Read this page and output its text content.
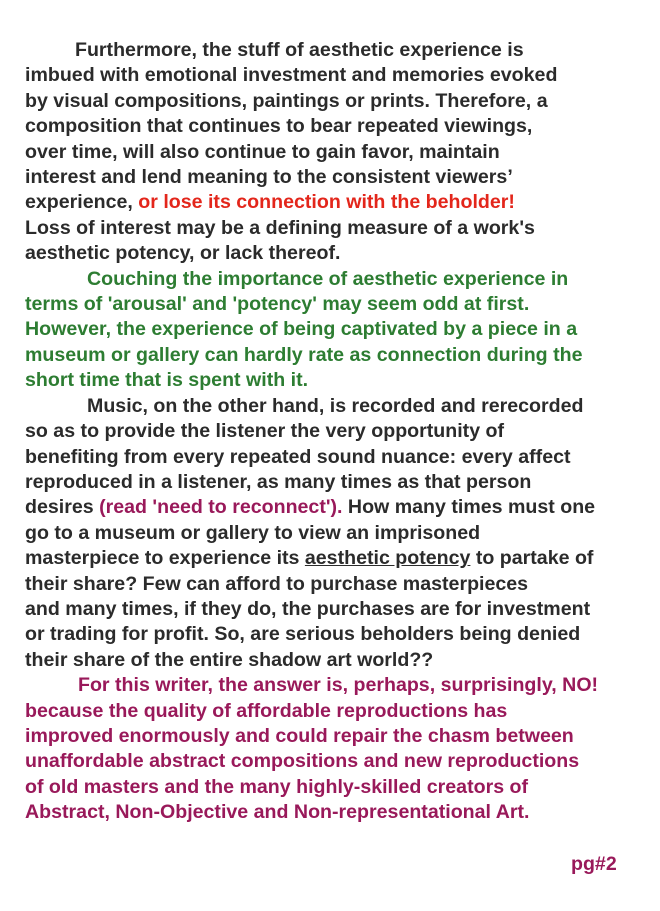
Furthermore, the stuff of aesthetic experience is
imbued with emotional investment and memories evoked
by visual compositions, paintings or prints. Therefore, a
composition that continues to bear repeated viewings,
over time, will also continue to gain favor, maintain
interest and lend meaning to the consistent viewers’
experience, or lose its connection with the beholder!
Loss of interest may be a defining measure of a work's
aesthetic potency, or lack thereof.

Couching the importance of aesthetic experience in
terms of 'arousal' and 'potency' may seem odd at first.
However, the experience of being captivated by a piece in a
museum or gallery can hardly rate as connection during the
short time that is spent with it.

Music, on the other hand, is recorded and rerecorded
so as to provide the listener the very opportunity of
benefiting from every repeated sound nuance: every affect
reproduced in a listener, as many times as that person
desires (read 'need to reconnect'). How many times must one
go to a museum or gallery to view an imprisoned
masterpiece to experience its aesthetic potency to partake of
their share? Few can afford to purchase masterpieces
and many times, if they do, the purchases are for investment
or trading for profit. So, are serious beholders being denied
their share of the entire shadow art world??

For this writer, the answer is, perhaps, surprisingly, NO!
because the quality of affordable reproductions has
improved enormously and could repair the chasm between
unaffordable abstract compositions and new reproductions
of old masters and the many highly-skilled creators of
Abstract, Non-Objective and Non-representational Art.

pg#2
